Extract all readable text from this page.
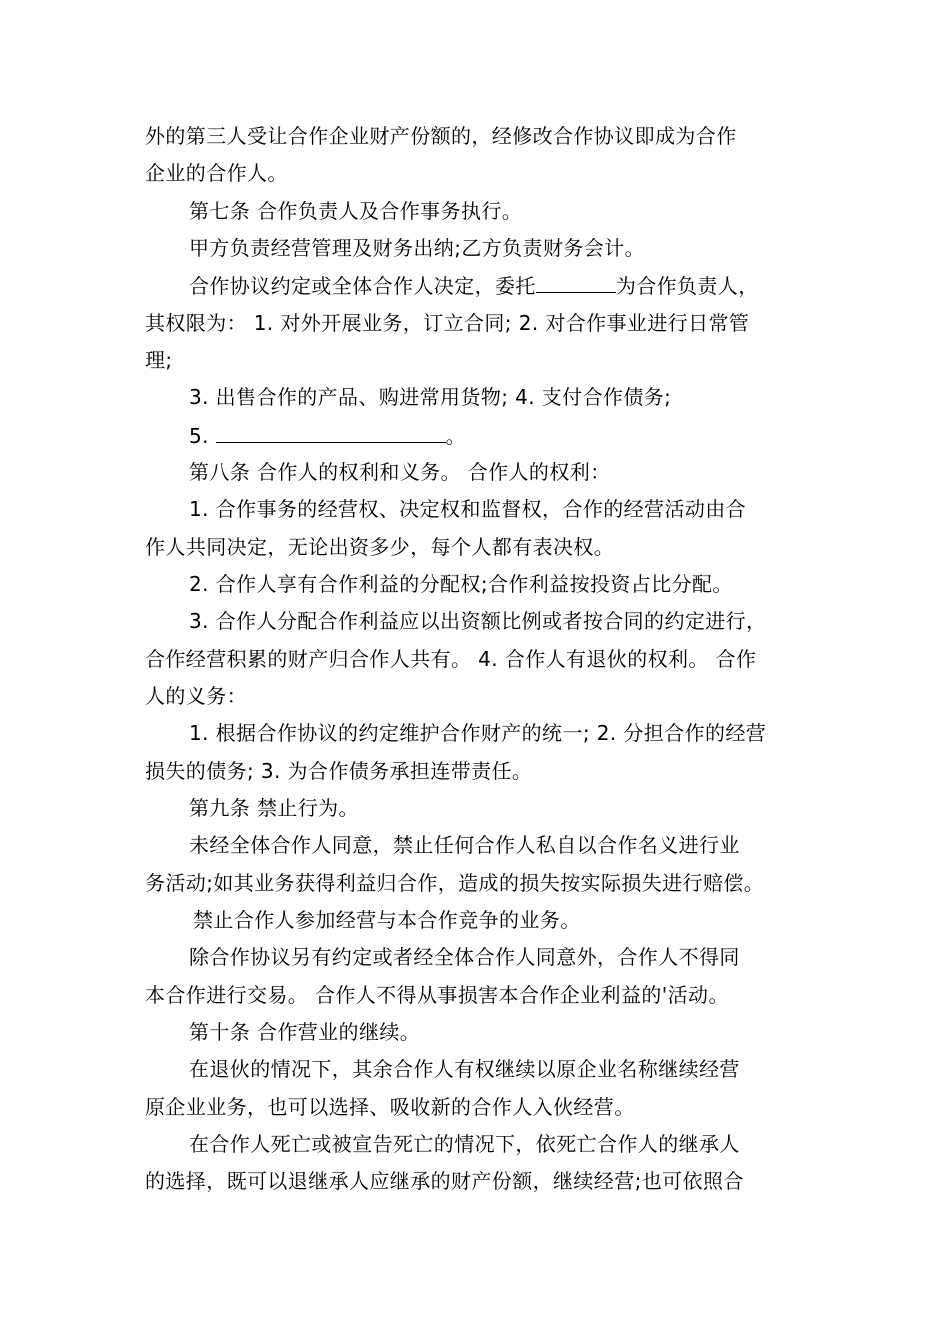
外的第三人受让合作企业财产份额的，经修改合作协议即成为合作
企业的合作人。
第七条 合作负责人及合作事务执行。
甲方负责经营管理及财务出纳;乙方负责财务会计。
合作协议约定或全体合作人决定，委托	为合作负责人，
其权限为： 1. 对外开展业务，订立合同; 2. 对合作事业进行日常管
理;
3. 出售合作的产品、购进常用货物; 4. 支付合作债务;
5.	。
第八条 合作人的权利和义务。 合作人的权利：
1. 合作事务的经营权、决定权和监督权，合作的经营活动由合
作人共同决定，无论出资多少，每个人都有表决权。
2. 合作人享有合作利益的分配权;合作利益按投资占比分配。
3. 合作人分配合作利益应以出资额比例或者按合同的约定进行，
合作经营积累的财产归合作人共有。 4. 合作人有退伙的权利。 合作
人的义务：
1. 根据合作协议的约定维护合作财产的统一; 2. 分担合作的经营
损失的债务; 3. 为合作债务承担连带责任。
第九条 禁止行为。
未经全体合作人同意，禁止任何合作人私自以合作名义进行业
务活动;如其业务获得利益归合作，造成的损失按实际损失进行赔偿。
禁止合作人参加经营与本合作竞争的业务。
除合作协议另有约定或者经全体合作人同意外，合作人不得同
本合作进行交易。 合作人不得从事损害本合作企业利益的'活动。
第十条 合作营业的继续。
在退伙的情况下，其余合作人有权继续以原企业名称继续经营
原企业业务，也可以选择、吸收新的合作人入伙经营。
在合作人死亡或被宣告死亡的情况下，依死亡合作人的继承人
的选择，既可以退继承人应继承的财产份额，继续经营;也可依照合
